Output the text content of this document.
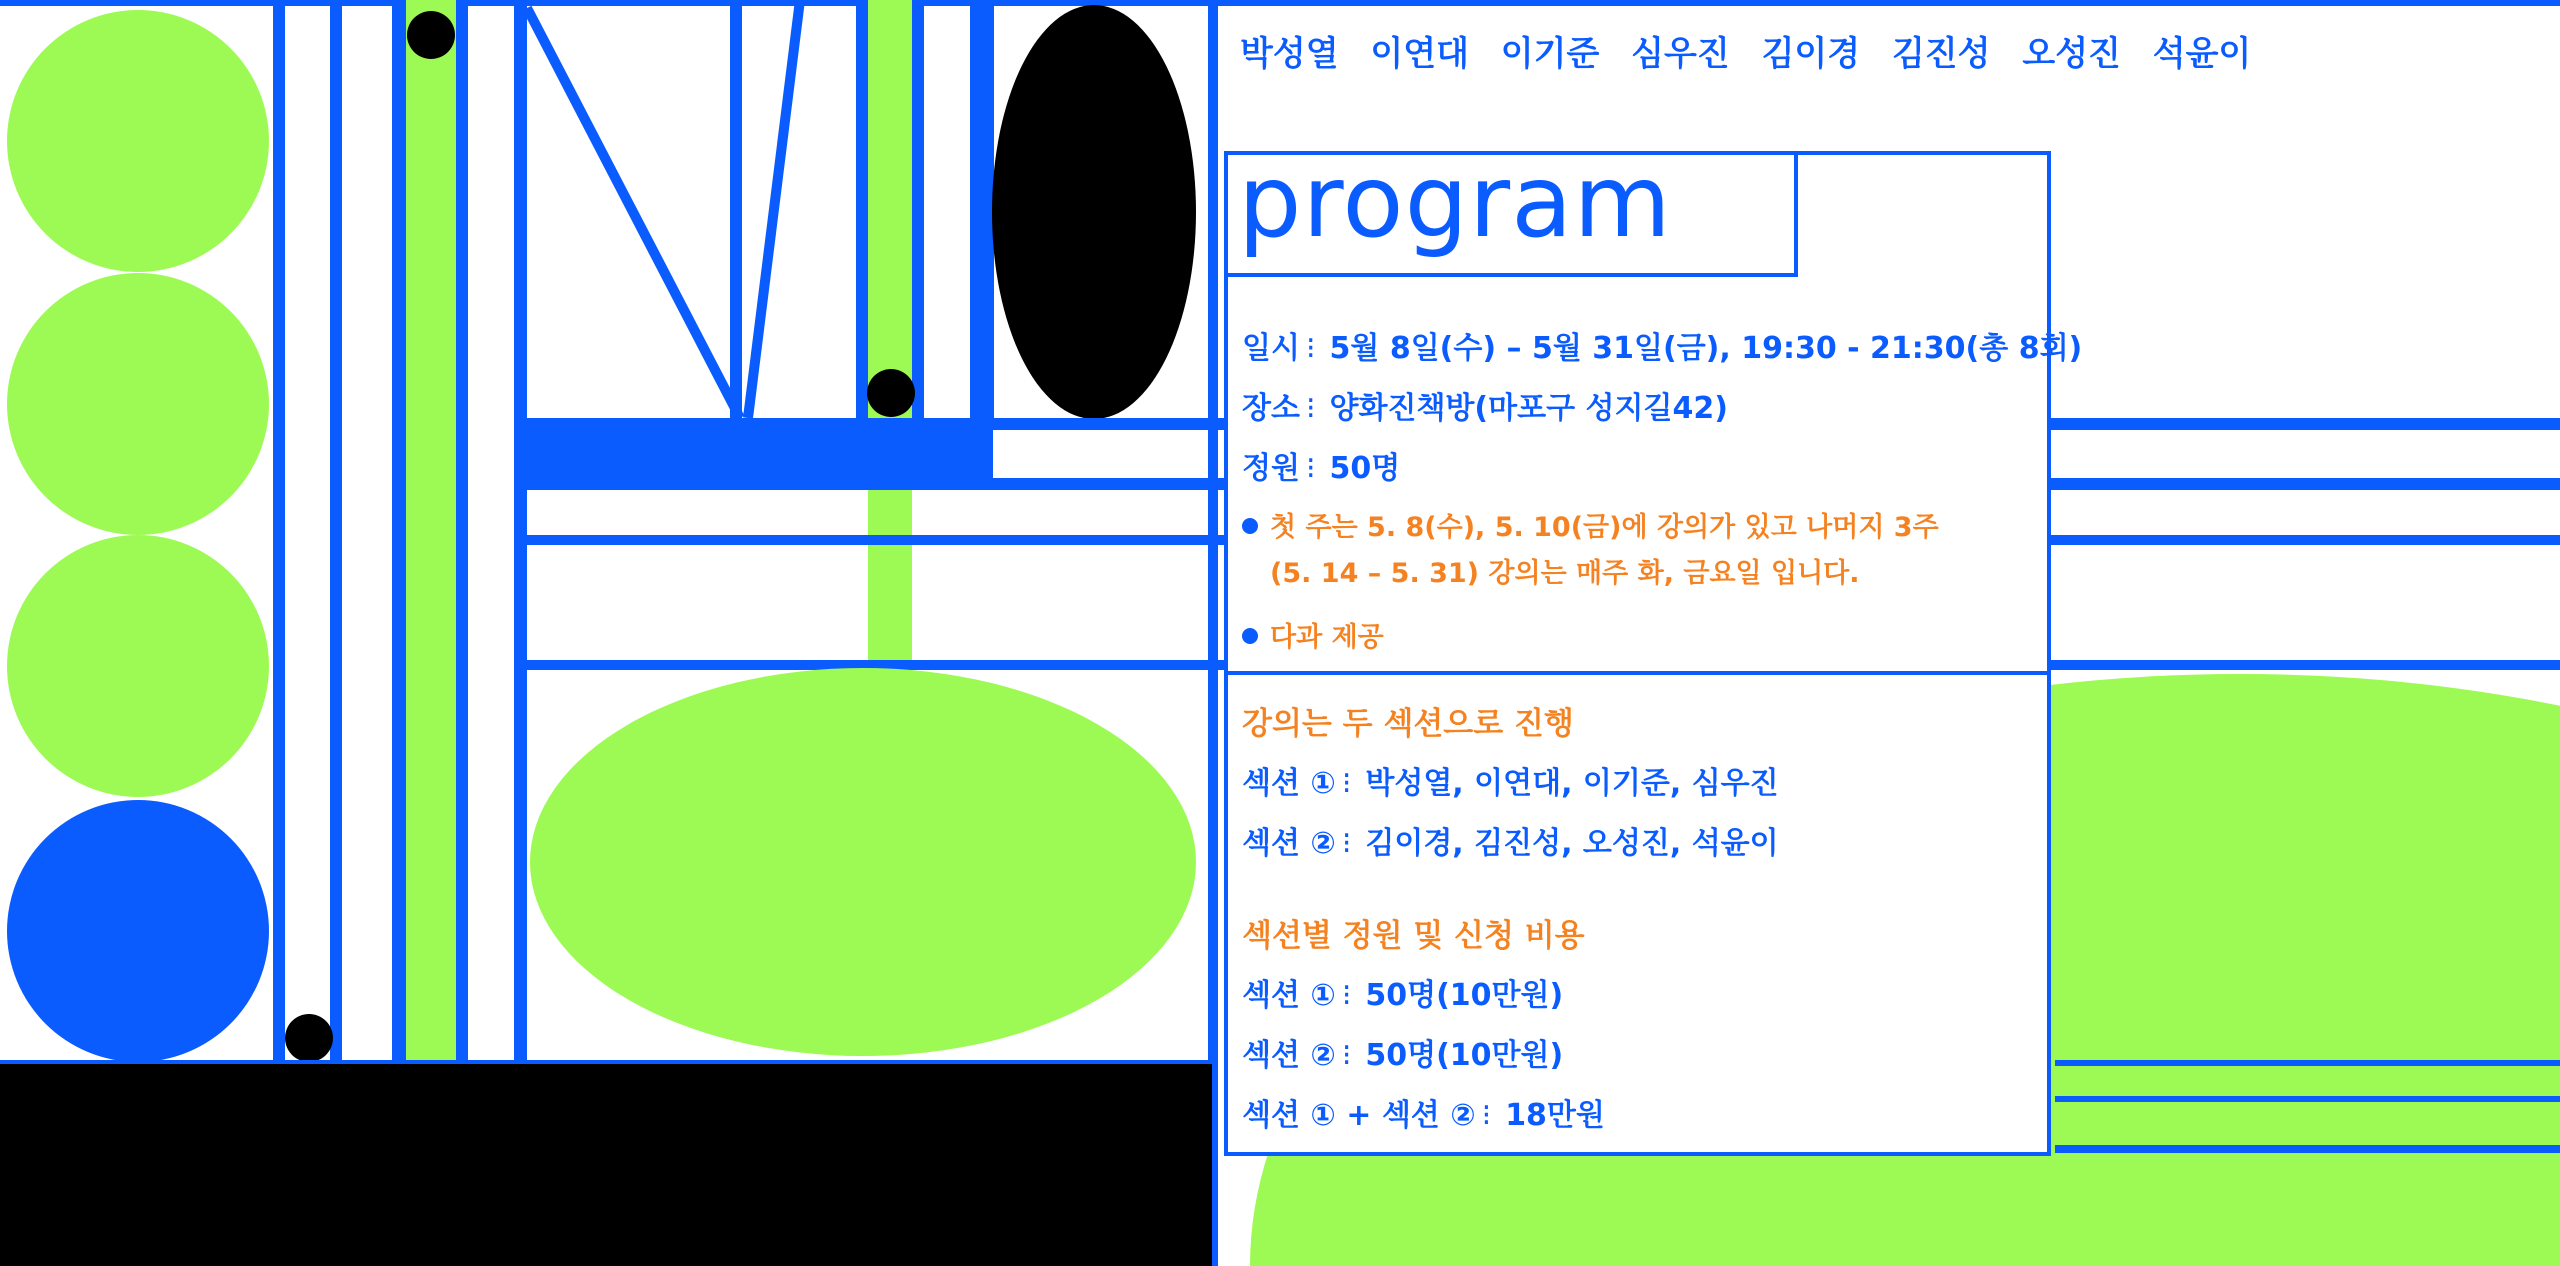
박성열 이연대 이기준 심우진 김이경 김진성 오성진 석윤이
program
일시 ⁝ 5월 8일(수) – 5월 31일(금), 19:30 - 21:30(총 8회)
장소 ⁝ 양화진책방(마포구 성지길42)
정원 ⁝ 50명
첫 주는 5. 8(수), 5. 10(금)에 강의가 있고 나머지 3주
(5. 14 – 5. 31) 강의는 매주 화, 금요일 입니다.
다과 제공
강의는 두 섹션으로 진행
섹션 ① ⁝ 박성열, 이연대, 이기준, 심우진
섹션 ② ⁝ 김이경, 김진성, 오성진, 석윤이
섹션별 정원 및 신청 비용
섹션 ① ⁝ 50명(10만원)
섹션 ② ⁝ 50명(10만원)
섹션 ① + 섹션 ② ⁝ 18만원
